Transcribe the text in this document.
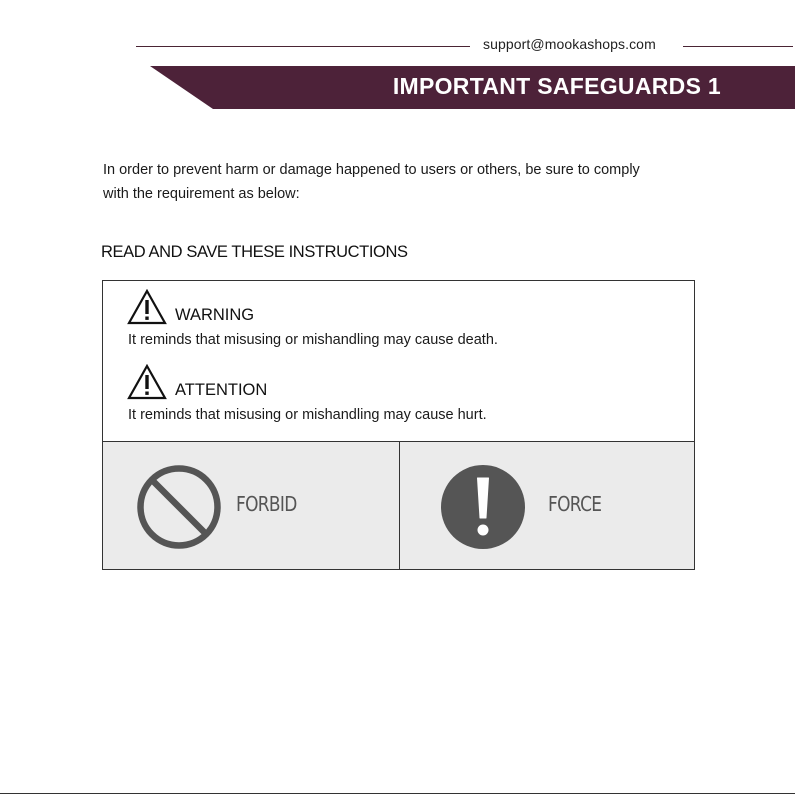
support@mookashops.com
IMPORTANT SAFEGUARDS 1
In order to prevent harm or damage happened to users or others, be sure to comply
with the requirement as below:
READ AND SAVE THESE INSTRUCTIONS
WARNING
It reminds that misusing or mishandling may cause death.
ATTENTION
It reminds that misusing or mishandling may cause hurt.
FORBID	FORCE
